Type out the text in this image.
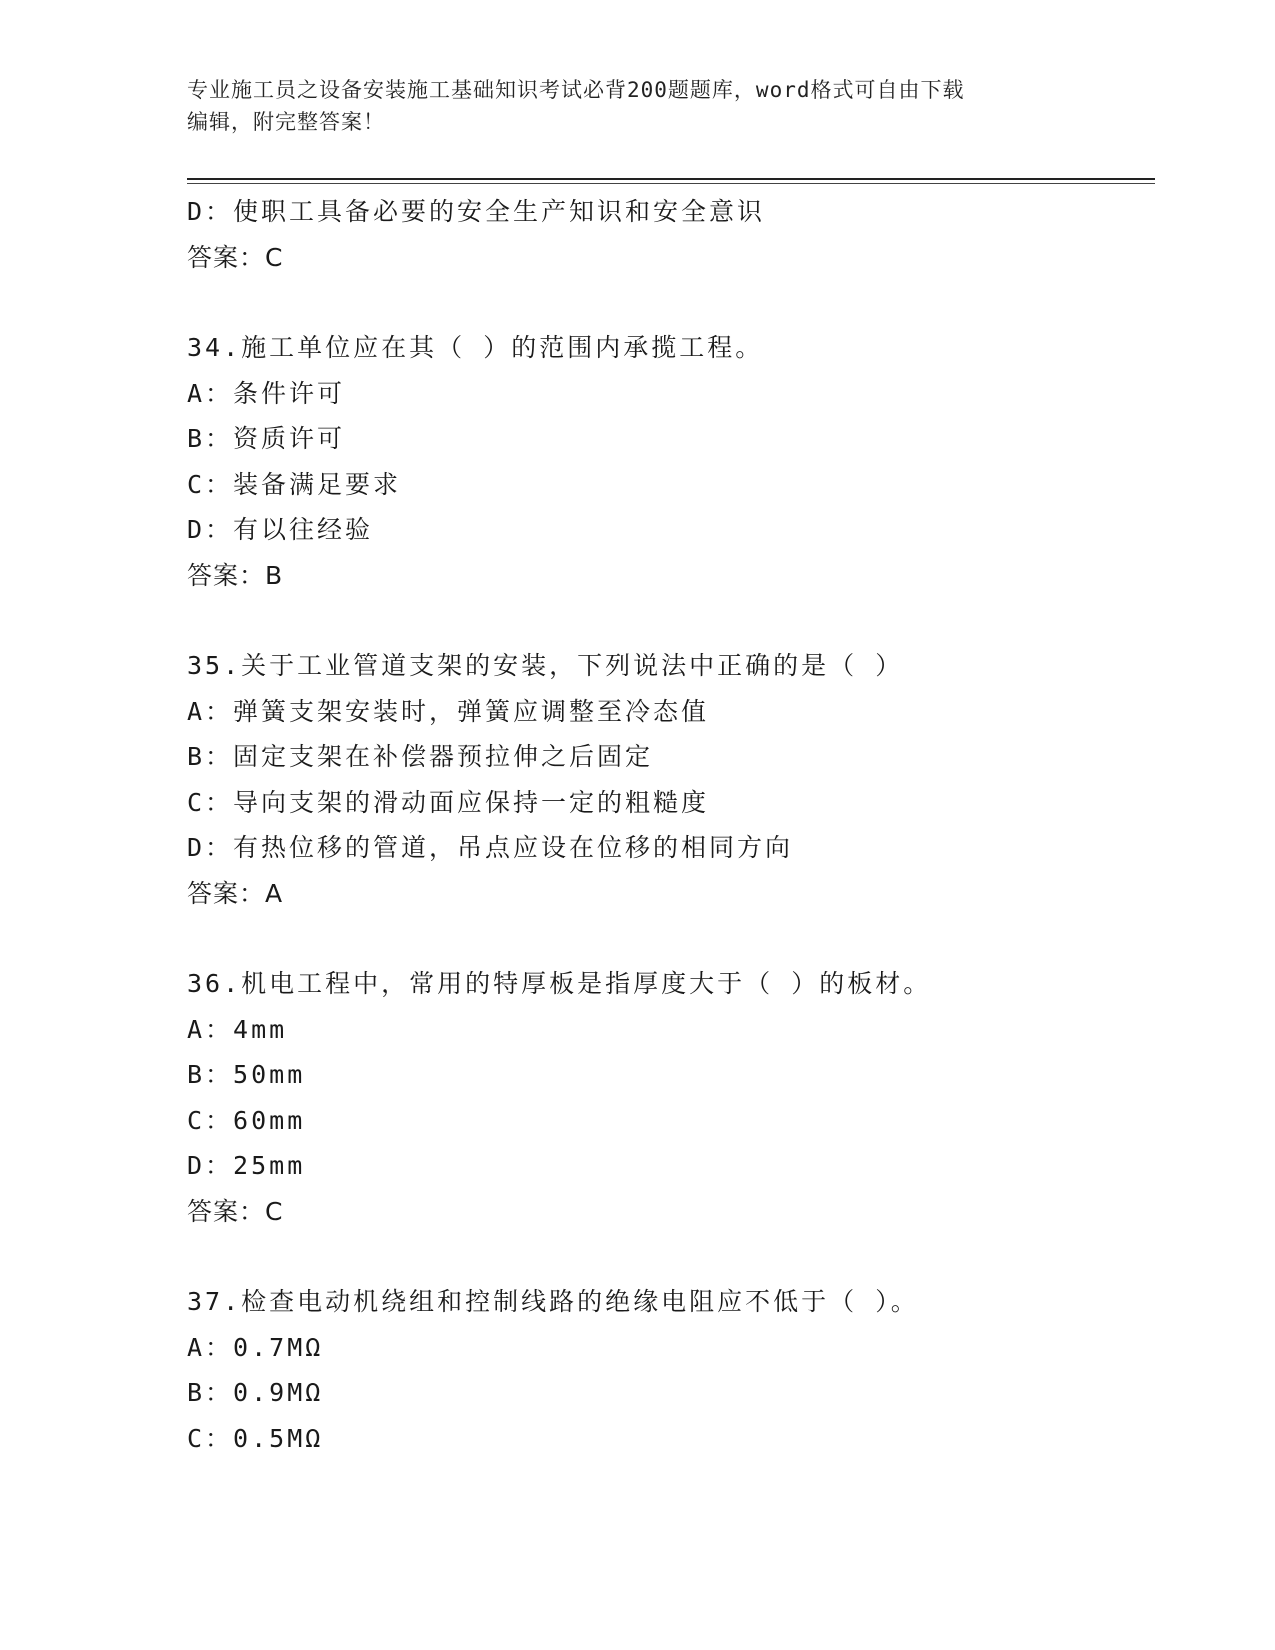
专业施工员之设备安装施工基础知识考试必背200题题库，word格式可自由下载
编辑，附完整答案！
D：使职工具备必要的安全生产知识和安全意识
答案：C
34.施工单位应在其（ ）的范围内承揽工程。
A：条件许可
B：资质许可
C：装备满足要求
D：有以往经验
答案：B
35.关于工业管道支架的安装，下列说法中正确的是（ ）
A：弹簧支架安装时，弹簧应调整至冷态值
B：固定支架在补偿器预拉伸之后固定
C：导向支架的滑动面应保持一定的粗糙度
D：有热位移的管道，吊点应设在位移的相同方向
答案：A
36.机电工程中，常用的特厚板是指厚度大于（ ）的板材。
A：4mm
B：50mm
C：60mm
D：25mm
答案：C
37.检查电动机绕组和控制线路的绝缘电阻应不低于（ ）。
A：0.7MΩ
B：0.9MΩ
C：0.5MΩ
